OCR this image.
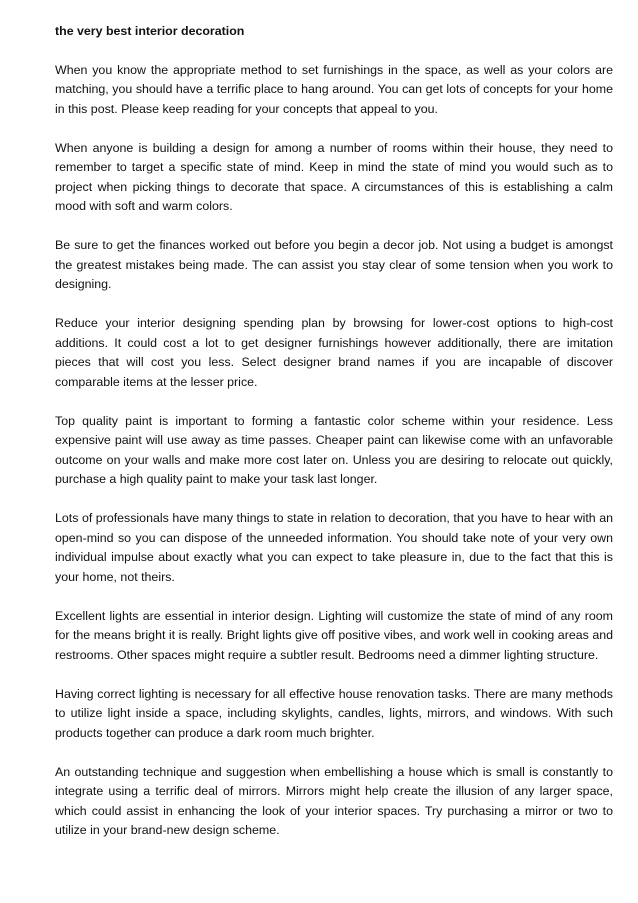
the very best interior decoration

When you know the appropriate method to set furnishings in the space, as well as your colors are matching, you should have a terrific place to hang around. You can get lots of concepts for your home in this post. Please keep reading for your concepts that appeal to you.

When anyone is building a design for among a number of rooms within their house, they need to remember to target a specific state of mind. Keep in mind the state of mind you would such as to project when picking things to decorate that space. A circumstances of this is establishing a calm mood with soft and warm colors.

Be sure to get the finances worked out before you begin a decor job. Not using a budget is amongst the greatest mistakes being made. The can assist you stay clear of some tension when you work to designing.

Reduce your interior designing spending plan by browsing for lower-cost options to high-cost additions. It could cost a lot to get designer furnishings however additionally, there are imitation pieces that will cost you less. Select designer brand names if you are incapable of discover comparable items at the lesser price.

Top quality paint is important to forming a fantastic color scheme within your residence. Less expensive paint will use away as time passes. Cheaper paint can likewise come with an unfavorable outcome on your walls and make more cost later on. Unless you are desiring to relocate out quickly, purchase a high quality paint to make your task last longer.

Lots of professionals have many things to state in relation to decoration, that you have to hear with an open-mind so you can dispose of the unneeded information. You should take note of your very own individual impulse about exactly what you can expect to take pleasure in, due to the fact that this is your home, not theirs.

Excellent lights are essential in interior design. Lighting will customize the state of mind of any room for the means bright it is really. Bright lights give off positive vibes, and work well in cooking areas and restrooms. Other spaces might require a subtler result. Bedrooms need a dimmer lighting structure.

Having correct lighting is necessary for all effective house renovation tasks. There are many methods to utilize light inside a space, including skylights, candles, lights, mirrors, and windows. With such products together can produce a dark room much brighter.

An outstanding technique and suggestion when embellishing a house which is small is constantly to integrate using a terrific deal of mirrors. Mirrors might help create the illusion of any larger space, which could assist in enhancing the look of your interior spaces. Try purchasing a mirror or two to utilize in your brand-new design scheme.
